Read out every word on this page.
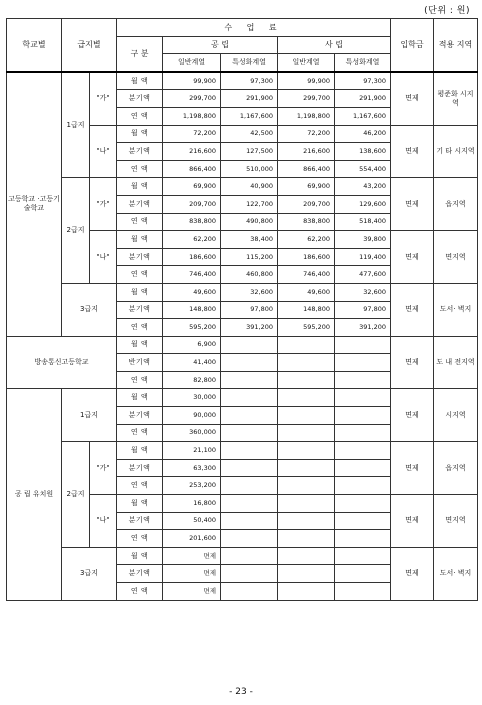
(단위 : 원)
학교별	급지별		수 업 료					입학금	적용 지역
			구 분	공 립		사 립			
				일반계열	특성화계열	일반계열	특성화계열		
고등학교 ·고등기술학교	1급지	"가"	월 액	99,900	97,300	99,900	97,300	면제	평준화 시지역
			분기액	299,700	291,900	299,700	291,900		
			연 액	1,198,800	1,167,600	1,198,800	1,167,600		
		"나"	월 액	72,200	42,500	72,200	46,200	면제	기 타 시지역
			분기액	216,600	127,500	216,600	138,600		
			연 액	866,400	510,000	866,400	554,400		
	2급지	"가"	월 액	69,900	40,900	69,900	43,200	면제	읍지역
			분기액	209,700	122,700	209,700	129,600		
			연 액	838,800	490,800	838,800	518,400		
		"나"	월 액	62,200	38,400	62,200	39,800	면제	면지역
			분기액	186,600	115,200	186,600	119,400		
			연 액	746,400	460,800	746,400	477,600		
	3급지		월 액	49,600	32,600	49,600	32,600	면제	도서· 벽지
			분기액	148,800	97,800	148,800	97,800		
			연 액	595,200	391,200	595,200	391,200		
방송통신고등학교			월 액	6,900				면제	도 내 전지역
			반기액	41,400					
			연 액	82,800					
공 립 유치원	1급지		월 액	30,000				면제	시지역
			분기액	90,000					
			연 액	360,000					
	2급지	"가"	월 액	21,100				면제	읍지역
			분기액	63,300					
			연 액	253,200					
		"나"	월 액	16,800				면제	면지역
			분기액	50,400					
			연 액	201,600					
	3급지		월 액	면제				면제	도서· 벽지
			분기액	면제					
			연 액	면제					
- 23 -
